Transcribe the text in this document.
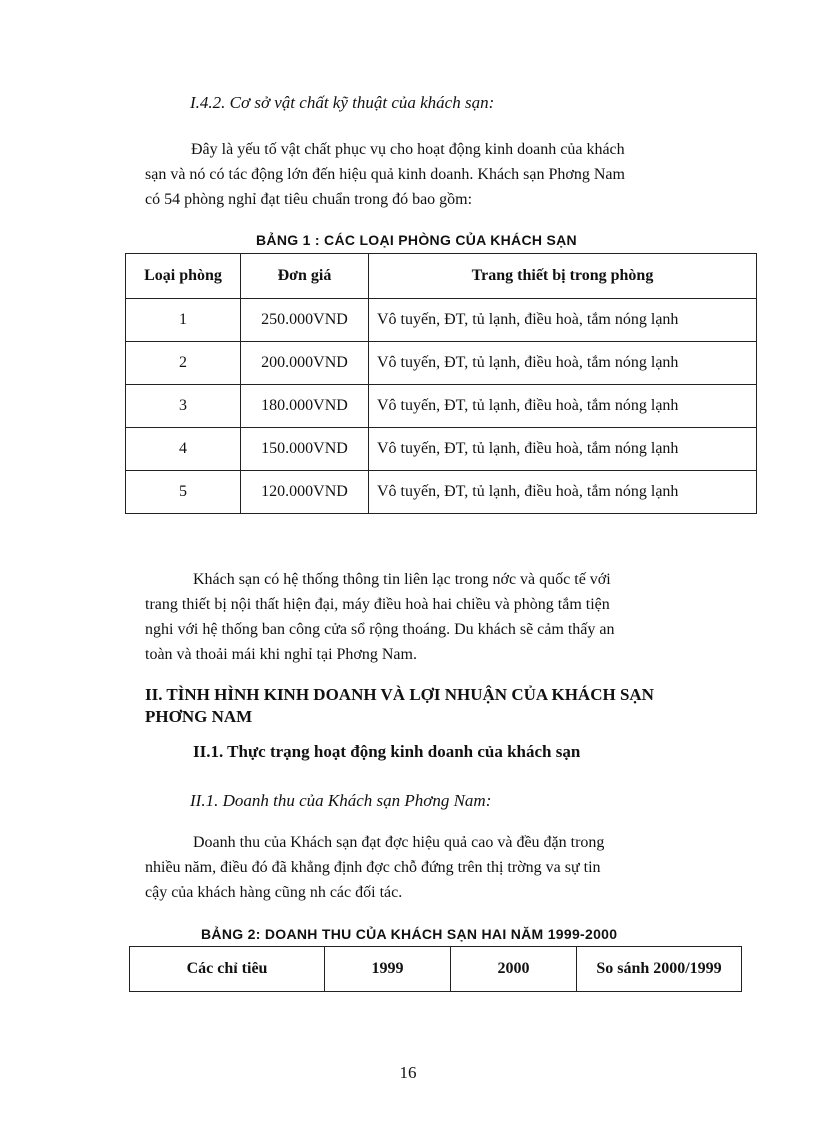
I.4.2. Cơ sở vật chất kỹ thuật của khách sạn:
Đây là yếu tố vật chất phục vụ cho hoạt động kinh doanh của khách
sạn và nó có tác động lớn đến hiệu quả kinh doanh. Khách sạn Phơng Nam
có 54 phòng nghỉ đạt tiêu chuẩn trong đó bao gồm:
BẢNG 1 : CÁC LOẠI PHÒNG CỦA KHÁCH SẠN
Loại phòng	Đơn giá	Trang thiết bị trong phòng
1	250.000VND	Vô tuyến, ĐT, tủ lạnh, điều hoà, tắm nóng lạnh
2	200.000VND	Vô tuyến, ĐT, tủ lạnh, điều hoà, tắm nóng lạnh
3	180.000VND	Vô tuyến, ĐT, tủ lạnh, điều hoà, tắm nóng lạnh
4	150.000VND	Vô tuyến, ĐT, tủ lạnh, điều hoà, tắm nóng lạnh
5	120.000VND	Vô tuyến, ĐT, tủ lạnh, điều hoà, tắm nóng lạnh
Khách sạn có hệ thống thông tin liên lạc trong nớc và quốc tế với
trang thiết bị nội thất hiện đại, máy điều hoà hai chiều và phòng tắm tiện
nghi với hệ thống ban công cửa sổ rộng thoáng. Du khách sẽ cảm thấy an
toàn và thoải mái khi nghỉ tại Phơng Nam.
II. TÌNH HÌNH KINH DOANH VÀ LỢI NHUẬN CỦA KHÁCH SẠN
PHƠNG NAM
II.1. Thực trạng hoạt động kinh doanh của khách sạn
II.1. Doanh thu của Khách sạn Phơng Nam:
Doanh thu của Khách sạn đạt đợc hiệu quả cao và đều đặn trong
nhiều năm, điều đó đã khẳng định đợc chỗ đứng trên thị trờng va sự tin
cậy của khách hàng cũng nh các đối tác.
BẢNG 2: DOANH THU CỦA KHÁCH SẠN HAI NĂM 1999-2000
Các chỉ tiêu	1999	2000	So sánh 2000/1999
16
